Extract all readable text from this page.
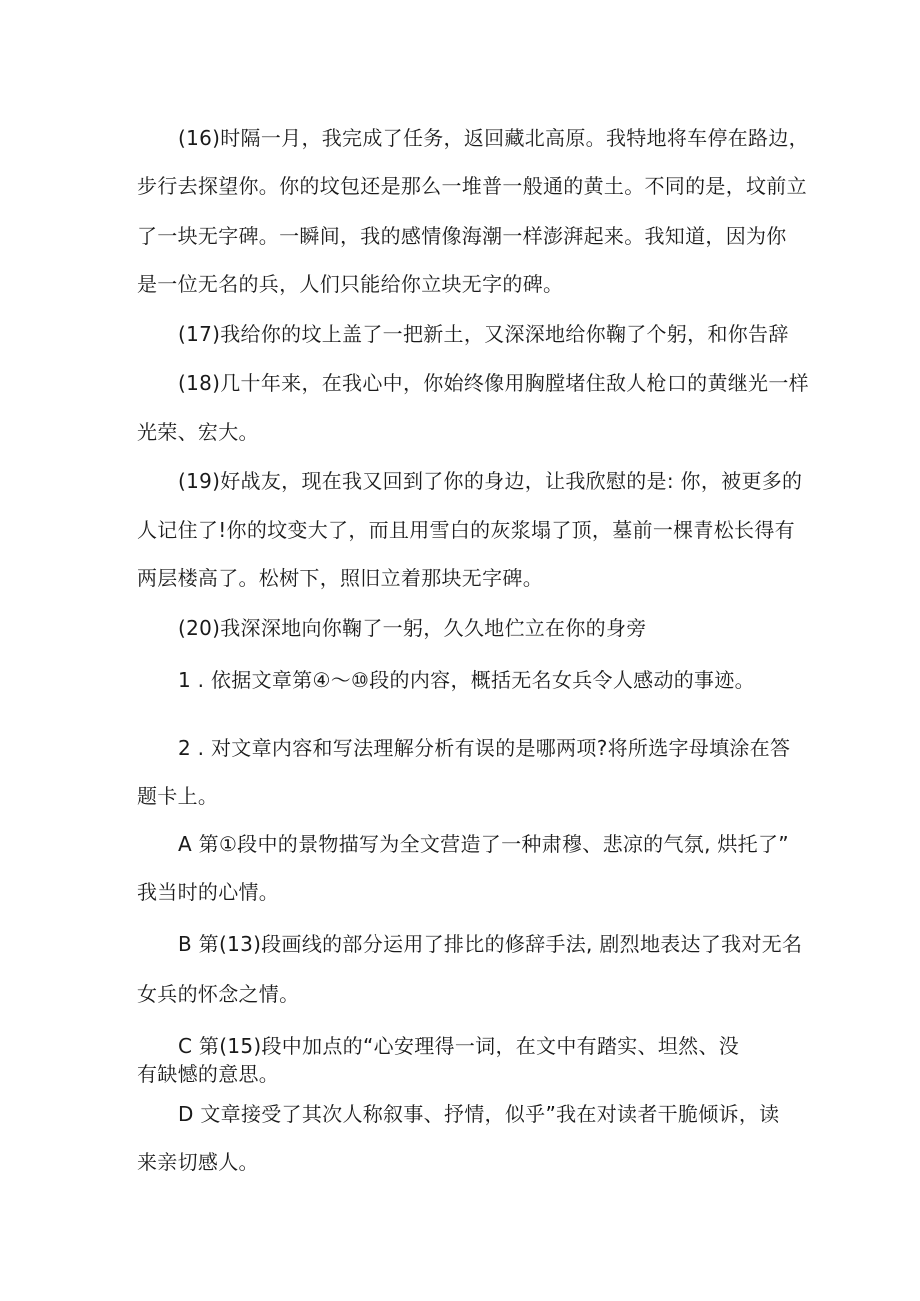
(16)时隔一月，我完成了任务，返回藏北高原。我特地将车停在路边，
步行去探望你。你的坟包还是那么一堆普一般通的黄土。不同的是，坟前立
了一块无字碑。一瞬间，我的感情像海潮一样澎湃起来。我知道，因为你
是一位无名的兵，人们只能给你立块无字的碑。
(17)我给你的坟上盖了一把新土，又深深地给你鞠了个躬，和你告辞
(18)几十年来，在我心中，你始终像用胸膛堵住敌人枪口的黄继光一样
光荣、宏大。
(19)好战友，现在我又回到了你的身边，让我欣慰的是: 你，被更多的
人记住了!你的坟变大了，而且用雪白的灰浆塌了顶，墓前一棵青松长得有
两层楼高了。松树下，照旧立着那块无字碑。
(20)我深深地向你鞠了一躬，久久地伫立在你的身旁
1 . 依据文章第④～⑩段的内容，概括无名女兵令人感动的事迹。
2 . 对文章内容和写法理解分析有误的是哪两项?将所选字母填涂在答
题卡上。
A 第①段中的景物描写为全文营造了一种肃穆、悲凉的气氛, 烘托了”
我当时的心情。
B 第(13)段画线的部分运用了排比的修辞手法, 剧烈地表达了我对无名
女兵的怀念之情。
C 第(15)段中加点的“心安理得一词，在文中有踏实、坦然、没
有缺憾的意思。
D 文章接受了其次人称叙事、抒情，似乎”我在对读者干脆倾诉，读
来亲切感人。
